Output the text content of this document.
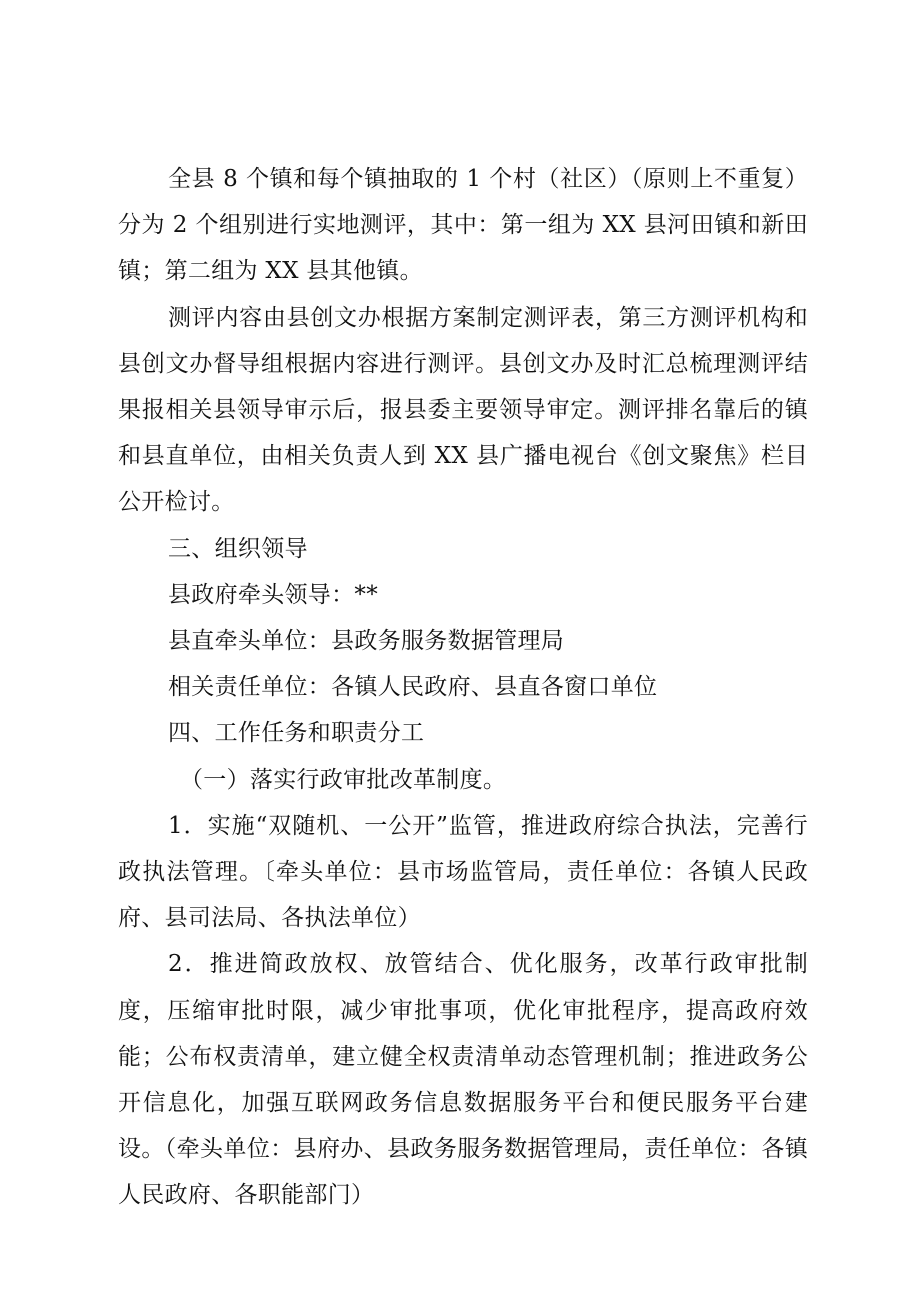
全县 8 个镇和每个镇抽取的 1 个村（社区）（原则上不重复）分为 2 个组别进行实地测评，其中：第一组为 XX 县河田镇和新田镇；第二组为 XX 县其他镇。

测评内容由县创文办根据方案制定测评表，第三方测评机构和县创文办督导组根据内容进行测评。县创文办及时汇总梳理测评结果报相关县领导审示后，报县委主要领导审定。测评排名靠后的镇和县直单位，由相关负责人到 XX 县广播电视台《创文聚焦》栏目公开检讨。

三、组织领导

县政府牵头领导：**

县直牵头单位：县政务服务数据管理局

相关责任单位：各镇人民政府、县直各窗口单位

四、工作任务和职责分工

（一）落实行政审批改革制度。

1．实施“双随机、一公开”监管，推进政府综合执法，完善行政执法管理。〔牵头单位：县市场监管局，责任单位：各镇人民政府、县司法局、各执法单位）

2．推进简政放权、放管结合、优化服务，改革行政审批制度，压缩审批时限，减少审批事项，优化审批程序，提高政府效能；公布权责清单，建立健全权责清单动态管理机制；推进政务公开信息化，加强互联网政务信息数据服务平台和便民服务平台建设。（牵头单位：县府办、县政务服务数据管理局，责任单位：各镇人民政府、各职能部门）
